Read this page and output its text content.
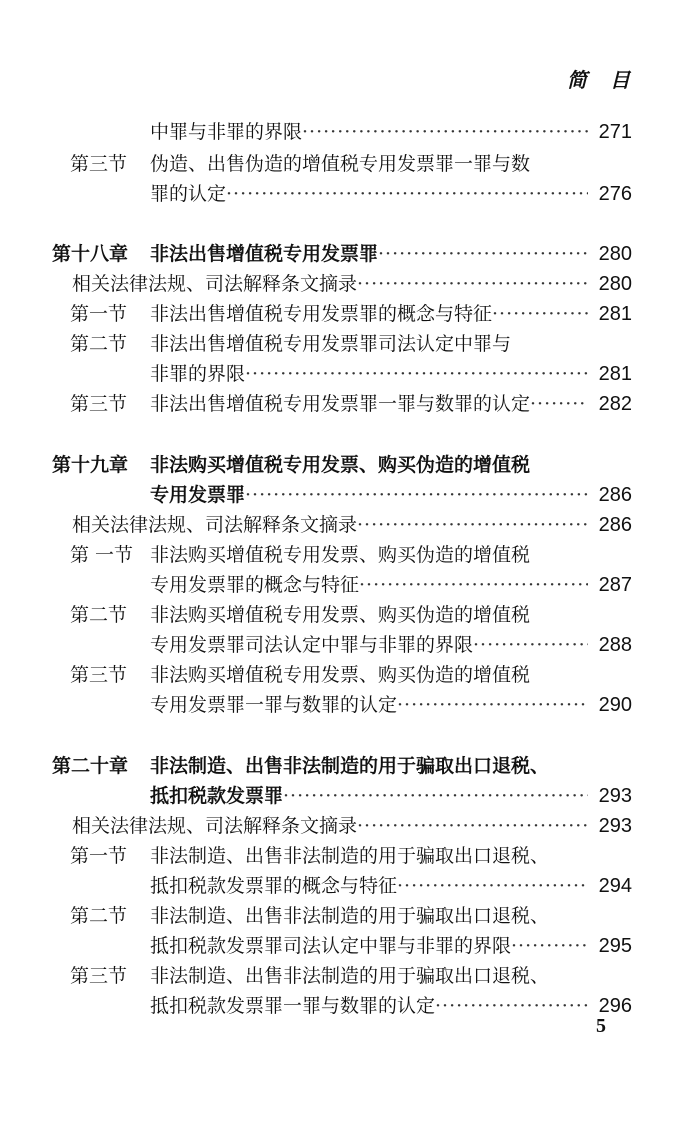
简 目
中罪与非罪的界限 ·····	271
第三节 伪造、出售伪造的增值税专用发票罪一罪与数
罪的认定 ·····	276
第十八章 非法出售增值税专用发票罪 ·····	280
相关法律法规、司法解释条文摘录 ·····	280
第一节 非法出售增值税专用发票罪的概念与特征 ·····	281
第二节 非法出售增值税专用发票罪司法认定中罪与
非罪的界限 ·····	281
第三节 非法出售增值税专用发票罪一罪与数罪的认定 ·····	282
第十九章 非法购买增值税专用发票、购买伪造的增值税
专用发票罪 ·····	286
相关法律法规、司法解释条文摘录 ·····	286
第 一节 非法购买增值税专用发票、购买伪造的增值税
专用发票罪的概念与特征 ·····	287
第二节 非法购买增值税专用发票、购买伪造的增值税
专用发票罪司法认定中罪与非罪的界限 ·····	288
第三节 非法购买增值税专用发票、购买伪造的增值税
专用发票罪一罪与数罪的认定 ·····	290
第二十章 非法制造、出售非法制造的用于骗取出口退税、
抵扣税款发票罪 ·····	293
相关法律法规、司法解释条文摘录 ·····	293
第一节 非法制造、出售非法制造的用于骗取出口退税、
抵扣税款发票罪的概念与特征 ·····	294
第二节 非法制造、出售非法制造的用于骗取出口退税、
抵扣税款发票罪司法认定中罪与非罪的界限 ·····	295
第三节 非法制造、出售非法制造的用于骗取出口退税、
抵扣税款发票罪一罪与数罪的认定 ·····	296
5
